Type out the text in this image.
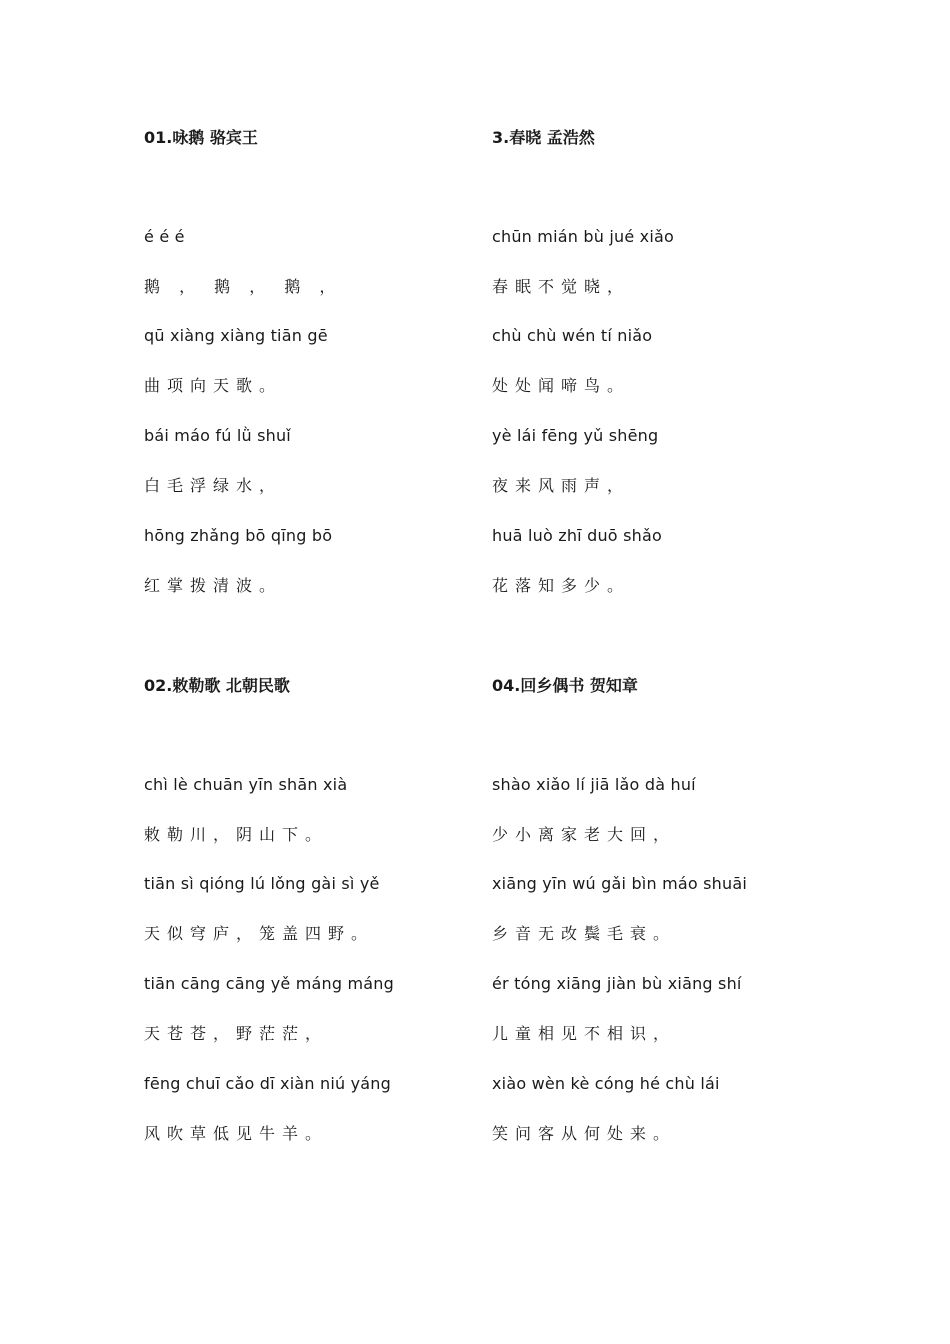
01.咏鹅 骆宾王
é é é
鹅 ， 鹅 ， 鹅 ，
qū xiàng xiàng tiān gē
曲项向天歌。
bái máo fú lǜ shuǐ
白毛浮绿水，
hōng zhǎng bō qīng bō
红掌拨清波。
3.春晓 孟浩然
chūn mián bù jué xiǎo
春眠不觉晓，
chù chù wén tí niǎo
处处闻啼鸟。
yè lái fēng yǔ shēng
夜来风雨声，
huā luò zhī duō shǎo
花落知多少。
02.敕勒歌 北朝民歌
chì lè chuān yīn shān xià
敕勒川，阴山下。
tiān sì qióng lú lǒng gài sì yě
天似穹庐，笼盖四野。
tiān cāng cāng yě máng máng
天苍苍，野茫茫，
fēng chuī cǎo dī xiàn niú yáng
风吹草低见牛羊。
04.回乡偶书 贺知章
shào xiǎo lí jiā lǎo dà huí
少小离家老大回，
xiāng yīn wú gǎi bìn máo shuāi
乡音无改鬓毛衰。
ér tóng xiāng jiàn bù xiāng shí
儿童相见不相识，
xiào wèn kè cóng hé chù lái
笑问客从何处来。
